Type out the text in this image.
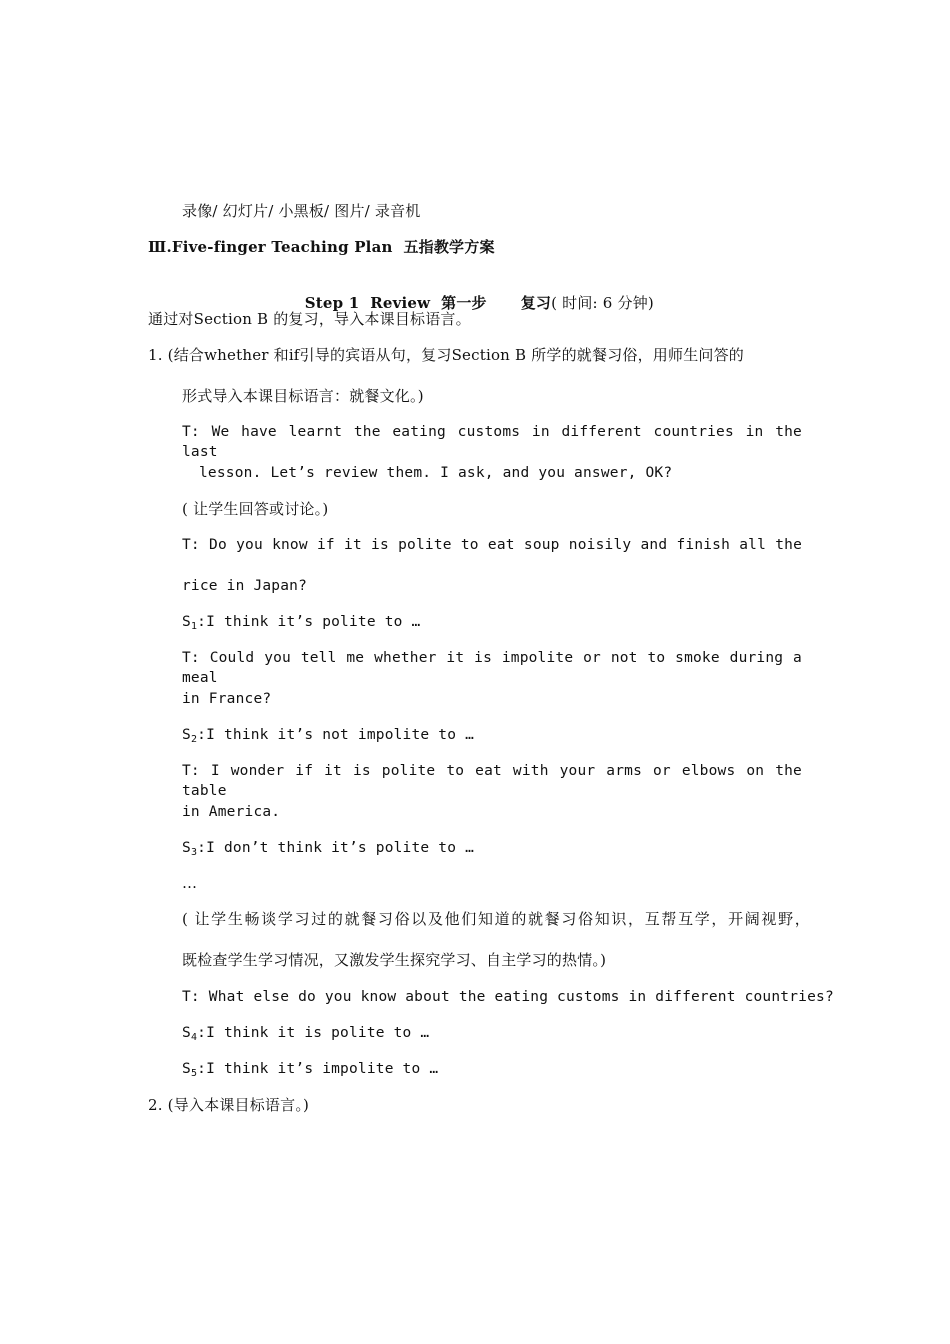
录像/ 幻灯片/ 小黑板/ 图片/ 录音机
Ⅲ.Five-finger Teaching Plan  五指教学方案

Step 1  Review  第一步 复习( 时间: 6 分钟)

通过对Section B 的复习，导入本课目标语言。
1. (结合whether 和if引导的宾语从句，复习Section B 所学的就餐习俗，用师生问答的
形式导入本课目标语言：就餐文化。)
T: We have learnt the eating customs in different countries in the last
lesson. Let’s review them. I ask, and you answer, OK?
( 让学生回答或讨论。)
T: Do you know if it is polite to eat soup noisily and finish all the
rice in Japan?
$S_1:I$ think it’s polite to …
T: Could you tell me whether it is impolite or not to smoke during a meal
in France?
$S_2:I$ think it’s not impolite to …
T: I wonder if it is polite to eat with your arms or elbows on the table
in America.
$S_3:I$ don’t think it’s polite to …
…
( 让学生畅谈学习过的就餐习俗以及他们知道的就餐习俗知识，互帮互学，开阔视野，
既检查学生学习情况，又激发学生探究学习、自主学习的热情。)
T: What else do you know about the eating customs in different countries?
$S_4:I$ think it is polite to …
$S_5:I$ think it’s impolite to …
2. (导入本课目标语言。)
